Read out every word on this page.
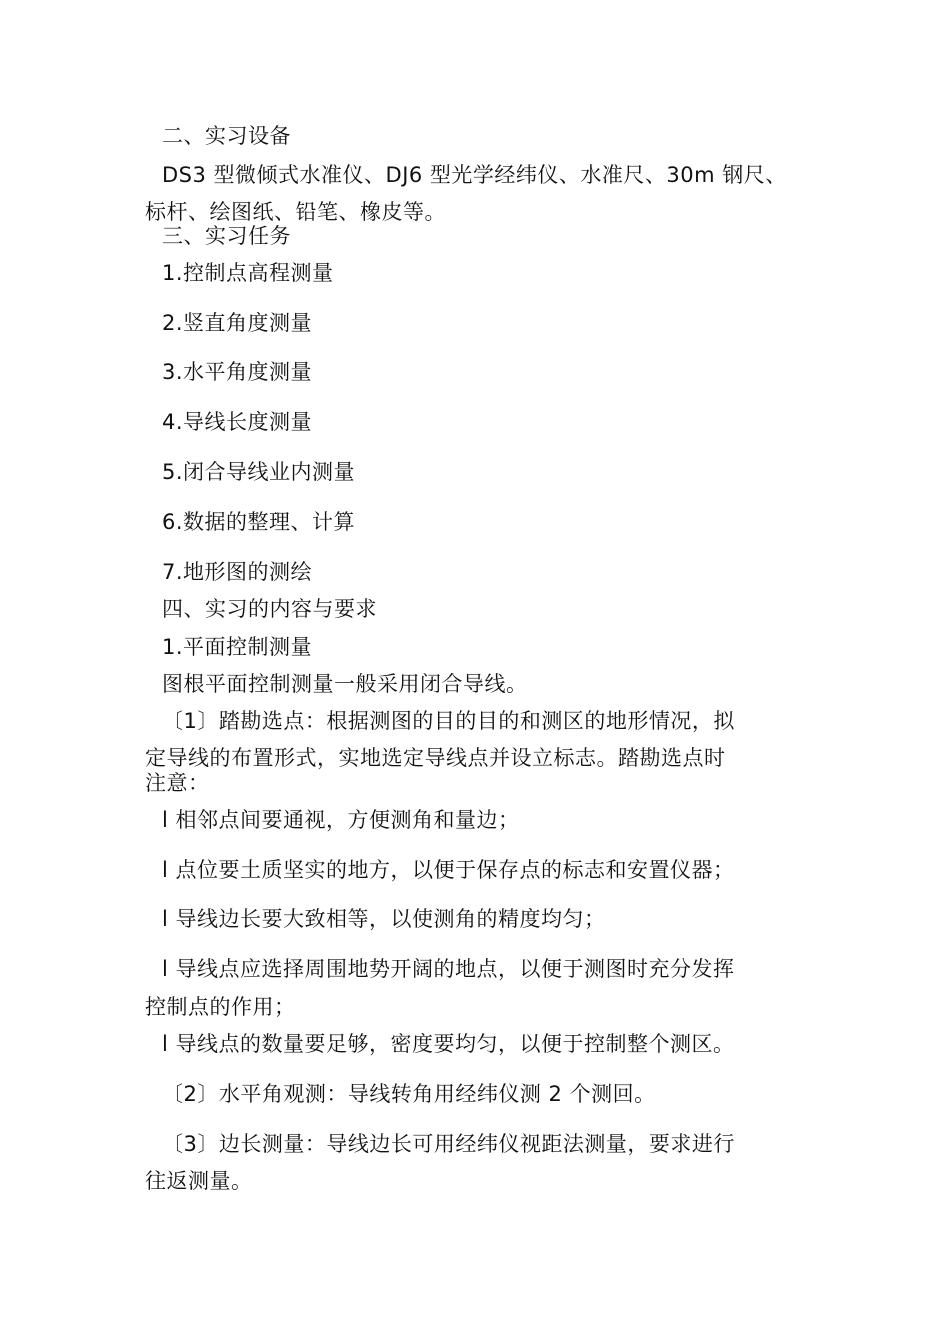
二、实习设备

DS3 型微倾式水准仪、DJ6 型光学经纬仪、水准尺、30m 钢尺、

标杆、绘图纸、铅笔、橡皮等。

三、实习任务

1.控制点高程测量

2.竖直角度测量

3.水平角度测量

4.导线长度测量

5.闭合导线业内测量

6.数据的整理、计算

7.地形图的测绘

四、实习的内容与要求

1.平面控制测量

图根平面控制测量一般采用闭合导线。

〔1〕踏勘选点：根据测图的目的目的和测区的地形情况，拟

定导线的布置形式，实地选定导线点并设立标志。踏勘选点时

注意：

l 相邻点间要通视，方便测角和量边；

l 点位要土质坚实的地方，以便于保存点的标志和安置仪器；

l 导线边长要大致相等，以使测角的精度均匀；

l 导线点应选择周围地势开阔的地点，以便于测图时充分发挥

控制点的作用；

l 导线点的数量要足够，密度要均匀，以便于控制整个测区。

〔2〕水平角观测：导线转角用经纬仪测 2 个测回。

〔3〕边长测量：导线边长可用经纬仪视距法测量，要求进行

往返测量。
